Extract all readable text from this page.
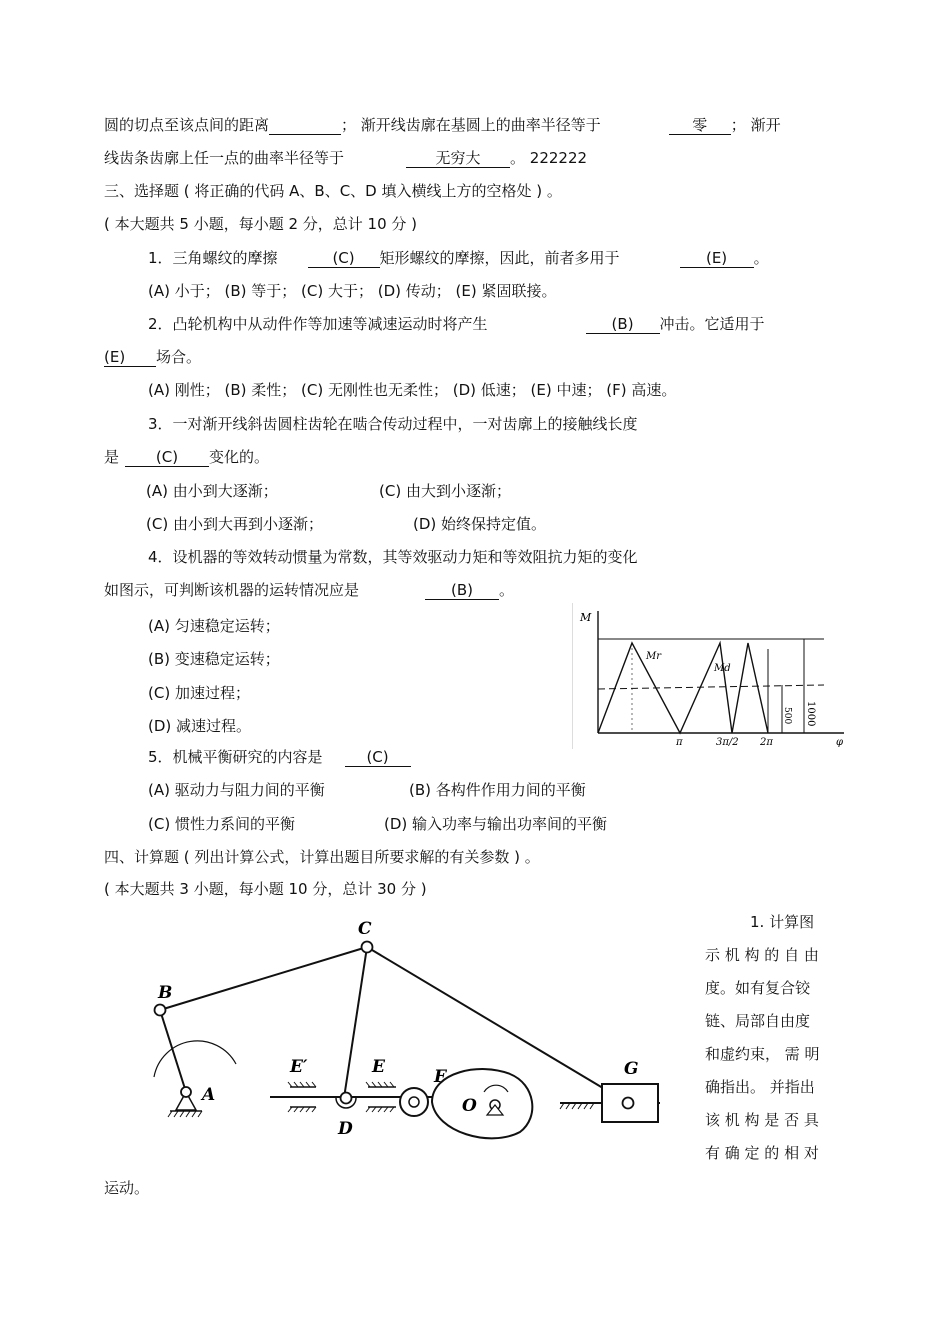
圆的切点至该点间的距离	； 渐开线齿廓在基圆上的曲率半径等于	零 ； 渐开
线齿条齿廓上任一点的曲率半径等于	无穷大 。 222222
三、选择题 ( 将正确的代码 A、B、C、D 填入横线上方的空格处 ) 。
( 本大题共 5 小题，每小题 2 分，总计 10 分 )
1．三角螺纹的摩擦	(C) 矩形螺纹的摩擦，因此，前者多用于	(E) 。
(A) 小于； (B) 等于； (C) 大于； (D) 传动； (E) 紧固联接。
2．凸轮机构中从动件作等加速等减速运动时将产生	(B) 冲击。它适用于
(E) 场合。
(A) 刚性； (B) 柔性； (C) 无刚性也无柔性； (D) 低速； (E) 中速； (F) 高速。
3．一对渐开线斜齿圆柱齿轮在啮合传动过程中，一对齿廓上的接触线长度
是 (C) 变化的。
(A) 由小到大逐渐；	(C) 由大到小逐渐；
(C) 由小到大再到小逐渐；	(D) 始终保持定值。
4．设机器的等效转动惯量为常数，其等效驱动力矩和等效阻抗力矩的变化
如图示，可判断该机器的运转情况应是	(B) 。
(A) 匀速稳定运转；
(B) 变速稳定运转；
(C) 加速过程；
(D) 减速过程。
M
Mr
Md
1000
500
π	3π/2 2π	φ
5．机械平衡研究的内容是	(C)
(A) 驱动力与阻力间的平衡	(B) 各构件作用力间的平衡
(C) 惯性力系间的平衡	(D) 输入功率与输出功率间的平衡
四、计算题 ( 列出计算公式，计算出题目所要求解的有关参数 ) 。
( 本大题共 3 小题，每小题 10 分，总计 30 分 )
1. 计算图
示 机 构 的 自 由
度。如有复合铰
链、局部自由度
和虚约束， 需 明
确指出。 并指出
该 机 构 是 否 具
有 确 定 的 相 对
运动。
A
B
C
D
E′	E	F	G
O
